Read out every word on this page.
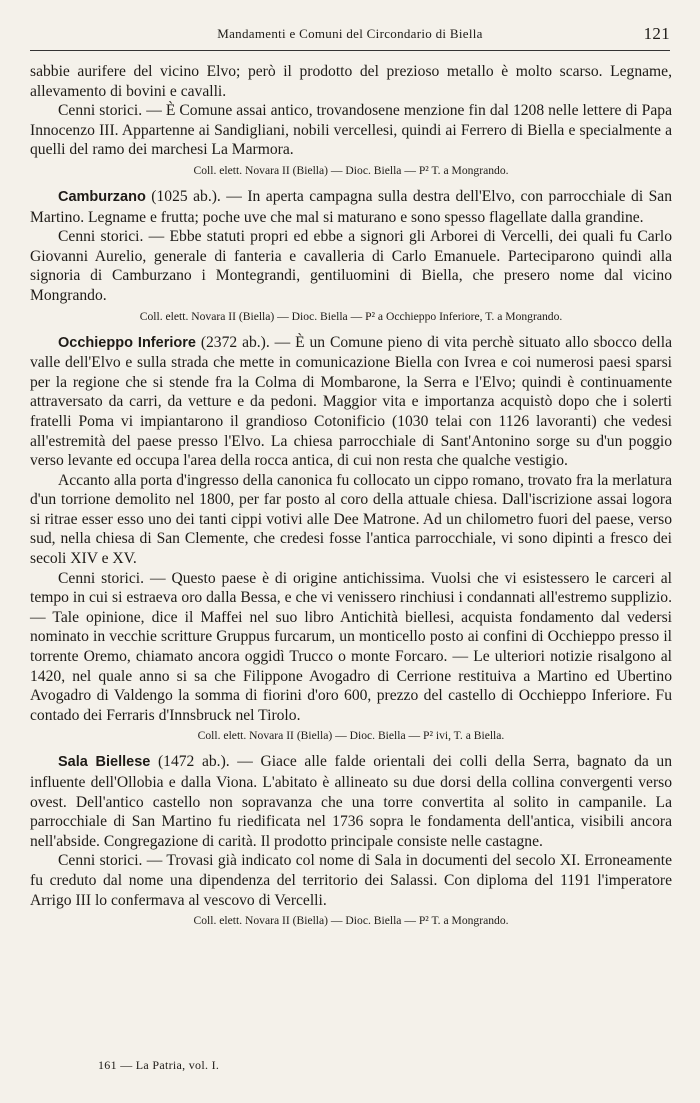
Mandamenti e Comuni del Circondario di Biella	121

sabbie aurifere del vicino Elvo; però il prodotto del prezioso metallo è molto scarso. Legname, allevamento di bovini e cavalli.

Cenni storici. — È Comune assai antico, trovandosene menzione fin dal 1208 nelle lettere di Papa Innocenzo III. Appartenne ai Sandigliani, nobili vercellesi, quindi ai Ferrero di Biella e specialmente a quelli del ramo dei marchesi La Marmora.

Coll. elett. Novara II (Biella) — Dioc. Biella — P² T. a Mongrando.

Camburzano (1025 ab.). — In aperta campagna sulla destra dell'Elvo, con parrocchiale di San Martino. Legname e frutta; poche uve che mal si maturano e sono spesso flagellate dalla grandine.

Cenni storici. — Ebbe statuti propri ed ebbe a signori gli Arborei di Vercelli, dei quali fu Carlo Giovanni Aurelio, generale di fanteria e cavalleria di Carlo Emanuele. Parteciparono quindi alla signoria di Camburzano i Montegrandi, gentiluomini di Biella, che presero nome dal vicino Mongrando.

Coll. elett. Novara II (Biella) — Dioc. Biella — P² a Occhieppo Inferiore, T. a Mongrando.

Occhieppo Inferiore (2372 ab.). — È un Comune pieno di vita perchè situato allo sbocco della valle dell'Elvo e sulla strada che mette in comunicazione Biella con Ivrea e coi numerosi paesi sparsi per la regione che si stende fra la Colma di Mombarone, la Serra e l'Elvo; quindi è continuamente attraversato da carri, da vetture e da pedoni. Maggior vita e importanza acquistò dopo che i solerti fratelli Poma vi impiantarono il grandioso Cotonificio (1030 telai con 1126 lavoranti) che vedesi all'estremità del paese presso l'Elvo. La chiesa parrocchiale di Sant'Antonino sorge su d'un poggio verso levante ed occupa l'area della rocca antica, di cui non resta che qualche vestigio.

Accanto alla porta d'ingresso della canonica fu collocato un cippo romano, trovato fra la merlatura d'un torrione demolito nel 1800, per far posto al coro della attuale chiesa. Dall'iscrizione assai logora si ritrae esser esso uno dei tanti cippi votivi alle Dee Matrone. Ad un chilometro fuori del paese, verso sud, nella chiesa di San Clemente, che credesi fosse l'antica parrocchiale, vi sono dipinti a fresco dei secoli XIV e XV.

Cenni storici. — Questo paese è di origine antichissima. Vuolsi che vi esistessero le carceri al tempo in cui si estraeva oro dalla Bessa, e che vi venissero rinchiusi i condannati all'estremo supplizio. — Tale opinione, dice il Maffei nel suo libro Antichità biellesi, acquista fondamento dal vedersi nominato in vecchie scritture Gruppus furcarum, un monticello posto ai confini di Occhieppo presso il torrente Oremo, chiamato ancora oggidì Trucco o monte Forcaro. — Le ulteriori notizie risalgono al 1420, nel quale anno si sa che Filippone Avogadro di Cerrione restituiva a Martino ed Ubertino Avogadro di Valdengo la somma di fiorini d'oro 600, prezzo del castello di Occhieppo Inferiore. Fu contado dei Ferraris d'Innsbruck nel Tirolo.

Coll. elett. Novara II (Biella) — Dioc. Biella — P² ivi, T. a Biella.

Sala Biellese (1472 ab.). — Giace alle falde orientali dei colli della Serra, bagnato da un influente dell'Ollobia e dalla Viona. L'abitato è allineato su due dorsi della collina convergenti verso ovest. Dell'antico castello non sopravanza che una torre convertita al solito in campanile. La parrocchiale di San Martino fu riedificata nel 1736 sopra le fondamenta dell'antica, visibili ancora nell'abside. Congregazione di carità. Il prodotto principale consiste nelle castagne.

Cenni storici. — Trovasi già indicato col nome di Sala in documenti del secolo XI. Erroneamente fu creduto dal nome una dipendenza del territorio dei Salassi. Con diploma del 1191 l'imperatore Arrigo III lo confermava al vescovo di Vercelli.

Coll. elett. Novara II (Biella) — Dioc. Biella — P² T. a Mongrando.

161 — La Patria, vol. I.
